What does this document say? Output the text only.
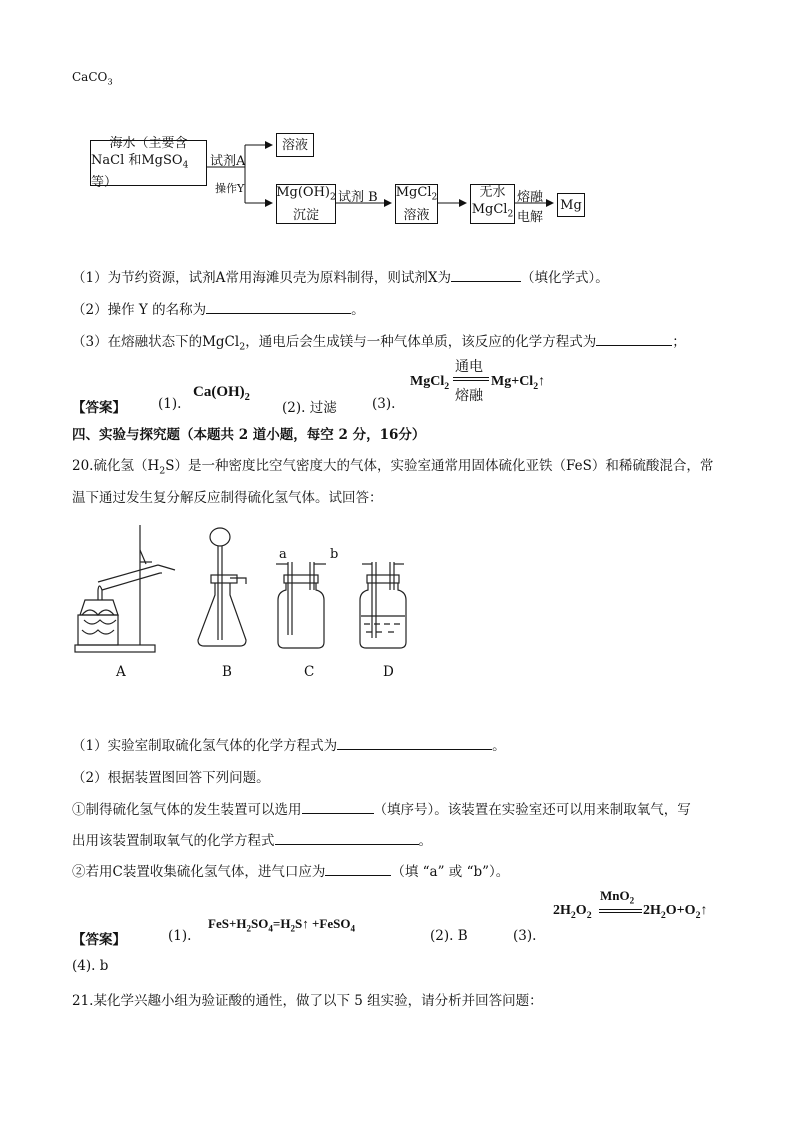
CaCO$_3$
海水（主要含
NaCl 和MgSO$_4$等）
试剂A
操作Y
溶液
$Mg(OH)_2$
沉淀
试剂 B MgCl$_2$
溶液
无水
MgCl$_2$
熔融
电解
Mg
（1）为节约资源，试剂A常用海滩贝壳为原料制得，则试剂X为	（填化学式）。
（2）操作 Y 的名称为	。
（3）在熔融状态下的MgCl$_2$，通电后会生成镁与一种气体单质，该反应的化学方程式为	；
【答案】 (1).
$Ca(OH)_2$
(2). 过滤	(3).
MgCl$_2$
通电
熔融
$Mg+Cl_2↑$
四、实验与探究题（本题共 2 道小题，每空 2 分，16分）
20.硫化氢$(H_2S)$是一种密度比空气密度大的气体，实验室通常用固体硫化亚铁（FeS）和稀硫酸混合，常
温下通过发生复分解反应制得硫化氢气体。试回答：
a	b
A	B	C	D
（1）实验室制取硫化氢气体的化学方程式为	。
（2）根据装置图回答下列问题。
①制得硫化氢气体的发生装置可以选用	（填序号）。该装置在实验室还可以用来制取氧气，写
出用该装置制取氧气的化学方程式	。
②若用C装置收集硫化氢气体，进气口应为	（填 “a” 或 “b”）。
【答案】	(1).
$FeS+H_2SO_4=H_2S↑$ +FeSO$_4$	(2). B	(3).
$2H_2O_2$
MnO$_2$
$2H_2O+O_2↑$
(4). b
21.某化学兴趣小组为验证酸的通性，做了以下 5 组实验，请分析并回答问题：
